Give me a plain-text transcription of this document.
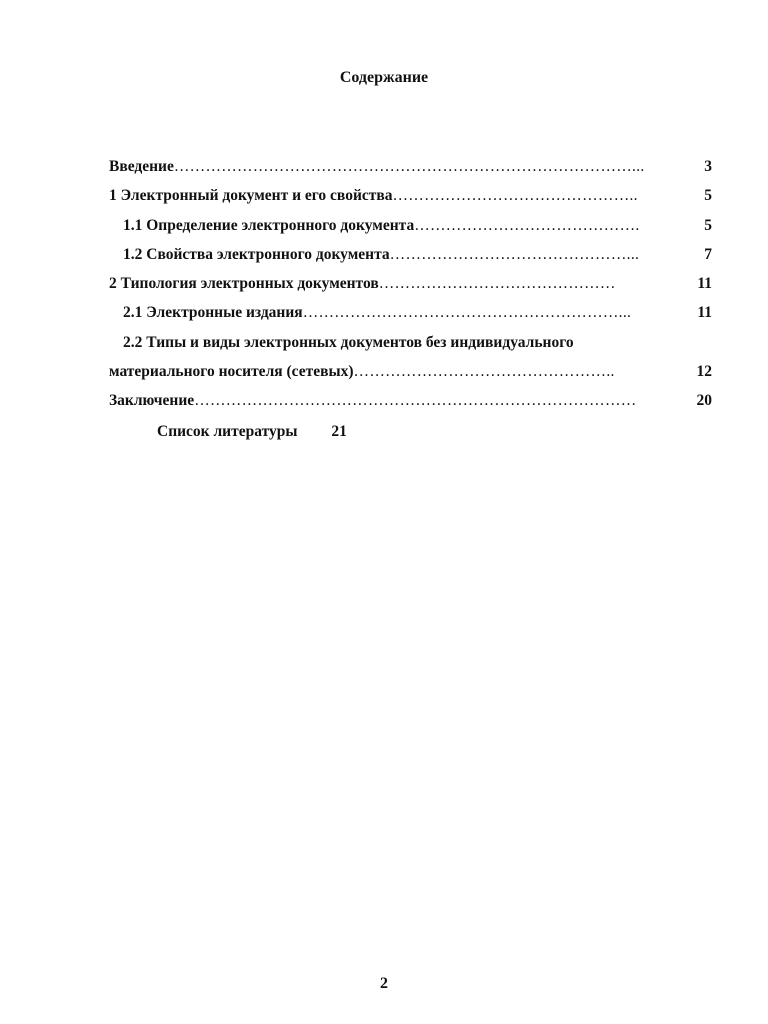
Содержание
Введение ……………………………………………………………………………...	3
1 Электронный документ и его свойства ………………………………………..	5
1.1 Определение электронного документа …………………………………….	5
1.2 Свойства электронного документа ………………………………………...	7
2 Типология электронных документов ………………………………………	11
2.1 Электронные издания ……………………………………………………...	11
2.2 Типы и виды электронных документов без индивидуального
материального носителя (сетевых) …………………………………………..	12
Заключение …………………………………………………………………………	20
Список литературы 21
2
